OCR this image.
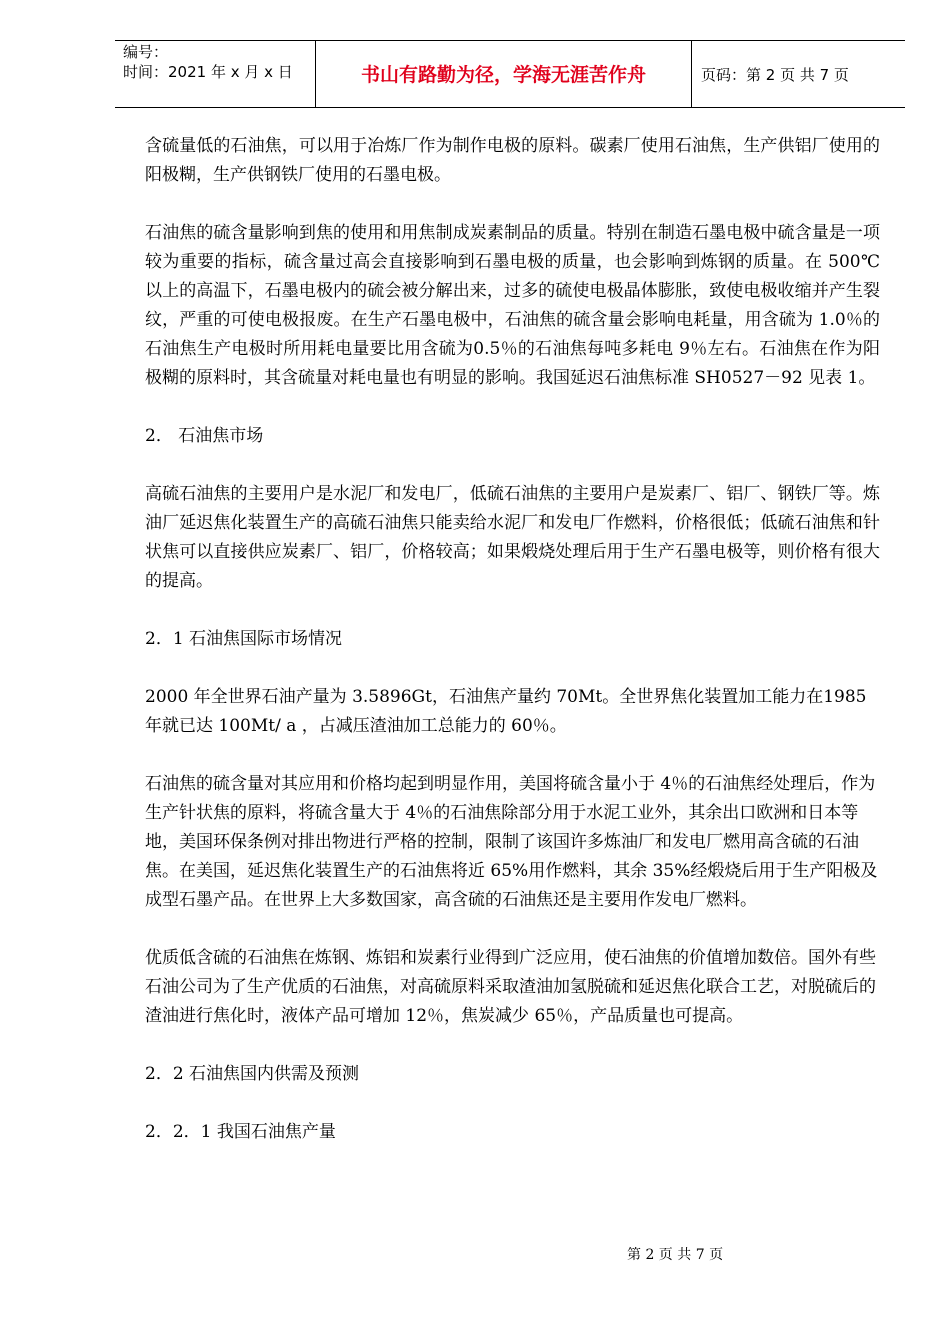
编号：
时间：2021 年 x 月 x 日	书山有路勤为径，学海无涯苦作舟	页码：第 2 页 共 7 页

含硫量低的石油焦，可以用于冶炼厂作为制作电极的原料。碳素厂使用石油焦，生产供铝厂使用的阳极糊，生产供钢铁厂使用的石墨电极。

石油焦的硫含量影响到焦的使用和用焦制成炭素制品的质量。特别在制造石墨电极中硫含量是一项较为重要的指标，硫含量过高会直接影响到石墨电极的质量，也会影响到炼钢的质量。在 500℃以上的高温下，石墨电极内的硫会被分解出来，过多的硫使电极晶体膨胀，致使电极收缩并产生裂纹，严重的可使电极报废。在生产石墨电极中，石油焦的硫含量会影响电耗量，用含硫为 1.0％的石油焦生产电极时所用耗电量要比用含硫为0.5％的石油焦每吨多耗电 9％左右。石油焦在作为阳极糊的原料时，其含硫量对耗电量也有明显的影响。我国延迟石油焦标准 SH0527－92 见表 1。

2． 石油焦市场

高硫石油焦的主要用户是水泥厂和发电厂，低硫石油焦的主要用户是炭素厂、铝厂、钢铁厂等。炼油厂延迟焦化装置生产的高硫石油焦只能卖给水泥厂和发电厂作燃料，价格很低；低硫石油焦和针状焦可以直接供应炭素厂、铝厂，价格较高；如果煅烧处理后用于生产石墨电极等，则价格有很大的提高。

2．1 石油焦国际市场情况

2000 年全世界石油产量为 3.5896Gt，石油焦产量约 70Mt。全世界焦化装置加工能力在1985 年就已达 100Mt/ a ，占减压渣油加工总能力的 60％。

石油焦的硫含量对其应用和价格均起到明显作用，美国将硫含量小于 4％的石油焦经处理后，作为生产针状焦的原料，将硫含量大于 4％的石油焦除部分用于水泥工业外，其余出口欧洲和日本等地，美国环保条例对排出物进行严格的控制，限制了该国许多炼油厂和发电厂燃用高含硫的石油焦。在美国，延迟焦化装置生产的石油焦将近 65%用作燃料，其余 35%经煅烧后用于生产阳极及成型石墨产品。在世界上大多数国家，高含硫的石油焦还是主要用作发电厂燃料。

优质低含硫的石油焦在炼钢、炼铝和炭素行业得到广泛应用，使石油焦的价值增加数倍。国外有些石油公司为了生产优质的石油焦，对高硫原料采取渣油加氢脱硫和延迟焦化联合工艺，对脱硫后的渣油进行焦化时，液体产品可增加 12％，焦炭减少 65％，产品质量也可提高。

2．2 石油焦国内供需及预测

2．2．1 我国石油焦产量

第 2 页 共 7 页
